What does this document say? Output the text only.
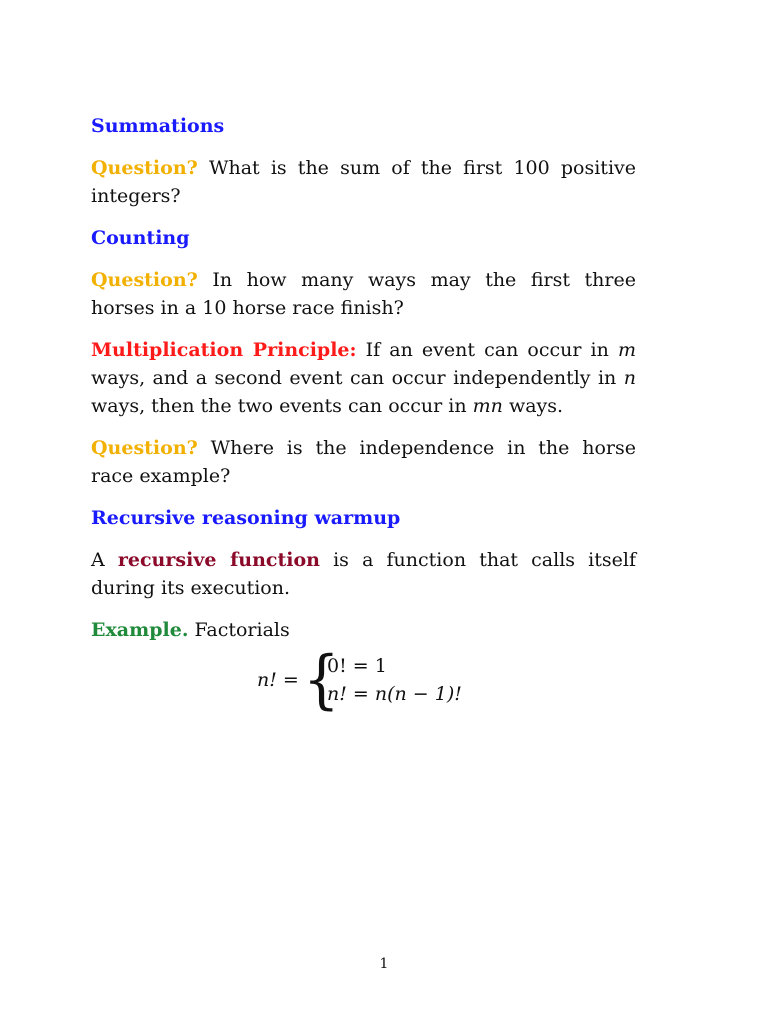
Summations

Question? What is the sum of the first 100 positive integers?

Counting

Question? In how many ways may the first three horses in a 10 horse race finish?

Multiplication Principle: If an event can occur in m ways, and a second event can occur independently in n ways, then the two events can occur in mn ways.

Question? Where is the independence in the horse race example?

Recursive reasoning warmup

A recursive function is a function that calls itself during its execution.

Example. Factorials

n! = {
0! = 1
n! = n(n − 1)!
1
